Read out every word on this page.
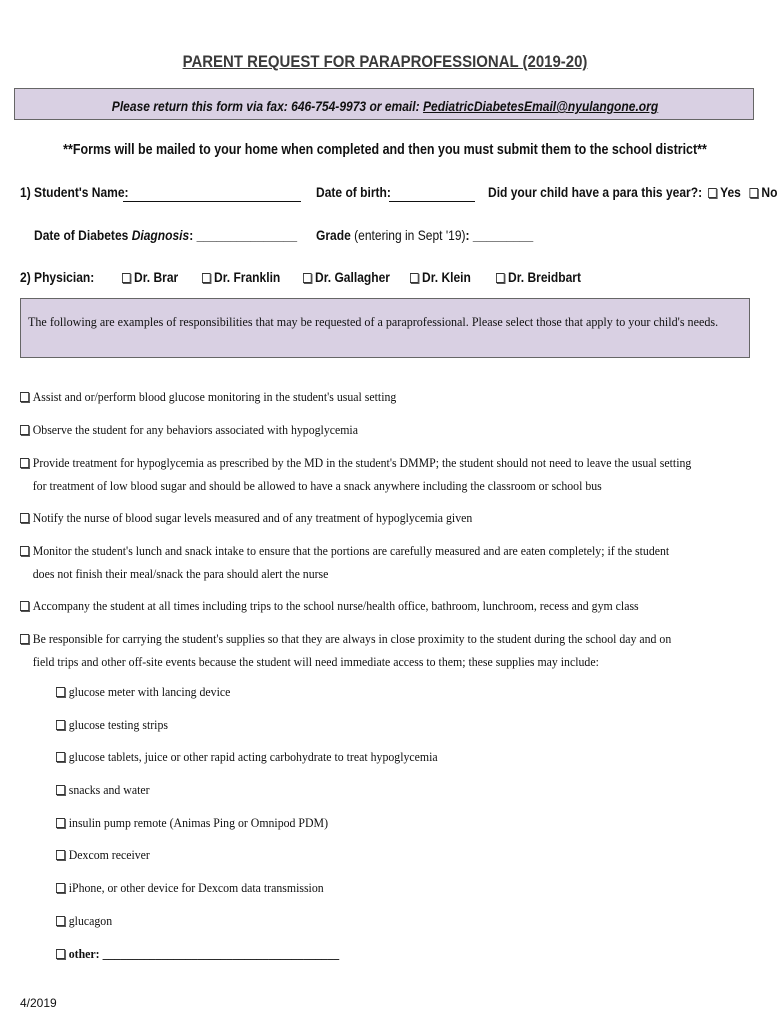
PARENT REQUEST FOR PARAPROFESSIONAL (2019-20)
Please return this form via fax: 646-754-9973 or email: PediatricDiabetesEmail@nyulangone.org
**Forms will be mailed to your home when completed and then you must submit them to the school district**
1) Student's Name:	Date of birth:	Did your child have a para this year?: Yes No
Date of Diabetes Diagnosis: _______________ Grade (entering in Sept '19): _________
2) Physician:	Dr. Brar	Dr. Franklin	Dr. Gallagher	Dr. Klein	Dr. Breidbart
The following are examples of responsibilities that may be requested of a paraprofessional. Please select those that apply to your child's needs.
Assist and or/perform blood glucose monitoring in the student's usual setting
Observe the student for any behaviors associated with hypoglycemia
Provide treatment for hypoglycemia as prescribed by the MD in the student's DMMP; the student should not need to leave the usual setting
for treatment of low blood sugar and should be allowed to have a snack anywhere including the classroom or school bus
Notify the nurse of blood sugar levels measured and of any treatment of hypoglycemia given
Monitor the student's lunch and snack intake to ensure that the portions are carefully measured and are eaten completely; if the student
does not finish their meal/snack the para should alert the nurse
Accompany the student at all times including trips to the school nurse/health office, bathroom, lunchroom, recess and gym class
Be responsible for carrying the student's supplies so that they are always in close proximity to the student during the school day and on
field trips and other off-site events because the student will need immediate access to them; these supplies may include:
glucose meter with lancing device
glucose testing strips
glucose tablets, juice or other rapid acting carbohydrate to treat hypoglycemia
snacks and water
insulin pump remote (Animas Ping or Omnipod PDM)
Dexcom receiver
iPhone, or other device for Dexcom data transmission
glucagon
other: ________________________________________
4/2019
